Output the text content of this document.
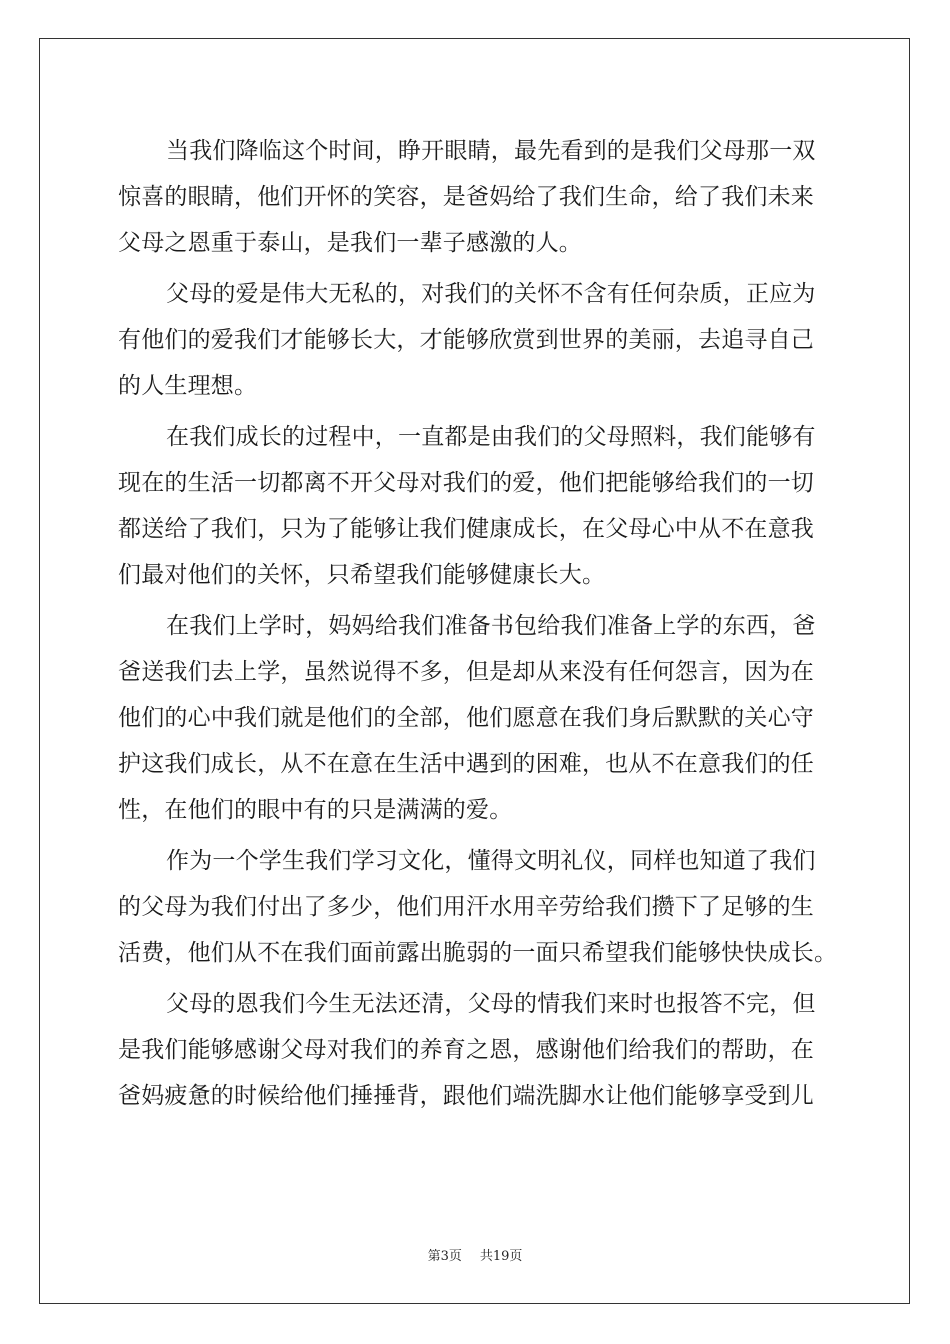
当我们降临这个时间，睁开眼睛，最先看到的是我们父母那一双
惊喜的眼睛，他们开怀的笑容，是爸妈给了我们生命，给了我们未来
父母之恩重于泰山，是我们一辈子感激的人。
父母的爱是伟大无私的，对我们的关怀不含有任何杂质，正应为
有他们的爱我们才能够长大，才能够欣赏到世界的美丽，去追寻自己
的人生理想。
在我们成长的过程中，一直都是由我们的父母照料，我们能够有
现在的生活一切都离不开父母对我们的爱，他们把能够给我们的一切
都送给了我们，只为了能够让我们健康成长，在父母心中从不在意我
们最对他们的关怀，只希望我们能够健康长大。
在我们上学时，妈妈给我们准备书包给我们准备上学的东西，爸
爸送我们去上学，虽然说得不多，但是却从来没有任何怨言，因为在
他们的心中我们就是他们的全部，他们愿意在我们身后默默的关心守
护这我们成长，从不在意在生活中遇到的困难，也从不在意我们的任
性，在他们的眼中有的只是满满的爱。
作为一个学生我们学习文化，懂得文明礼仪，同样也知道了我们
的父母为我们付出了多少，他们用汗水用辛劳给我们攒下了足够的生
活费，他们从不在我们面前露出脆弱的一面只希望我们能够快快成长。
父母的恩我们今生无法还清，父母的情我们来时也报答不完，但
是我们能够感谢父母对我们的养育之恩，感谢他们给我们的帮助，在
爸妈疲惫的时候给他们捶捶背，跟他们端洗脚水让他们能够享受到儿
第3页 共19页
